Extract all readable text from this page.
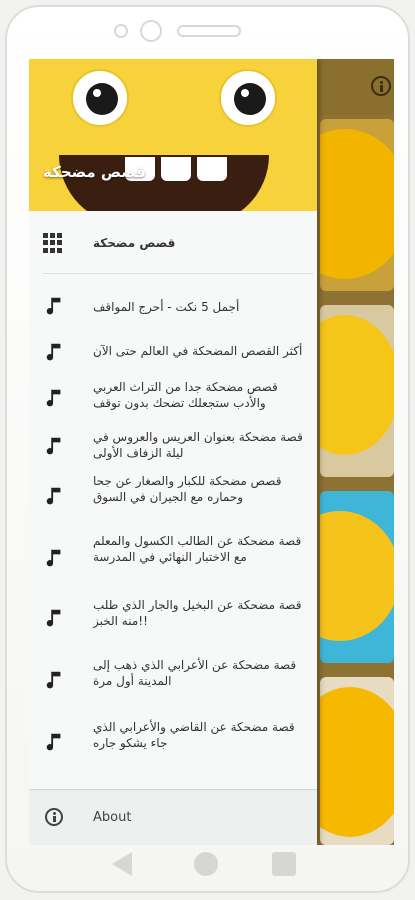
قصص مضحكة
قصص مضحكة
أجمل 5 نكت - أحرج المواقف
أكثر القصص المضحكة في العالم حتى الآن
قصص مضحكة جدا من التراث العربي والأدب ستجعلك تضحك بدون توقف
قصة مضحكة بعنوان العريس والعروس في ليلة الزفاف الأولى
قصص مضحكة للكبار والصغار عن جحا وحماره مع الجيران في السوق
قصة مضحكة عن الطالب الكسول والمعلم مع الاختبار النهائي في المدرسة
قصة مضحكة عن البخيل والجار الذي طلب منه الخبز!!
قصة مضحكة عن الأعرابي الذي ذهب إلى المدينة أول مرة
قصة مضحكة عن القاضي والأعرابي الذي جاء يشكو جاره
About
